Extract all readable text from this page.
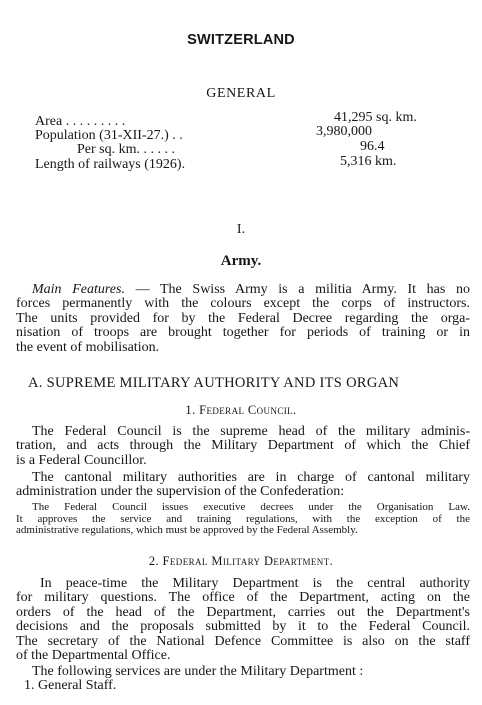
SWITZERLAND
GENERAL
Area . . . . . . . . .	41,295 sq. km.
Population (31-XII-27.) . .	3,980,000
Per sq. km. . . . . .	96.4
Length of railways (1926).	5,316 km.
I.
Army.
Main Features. — The Swiss Army is a militia Army. It has no
forces permanently with the colours except the corps of instructors.
The units provided for by the Federal Decree regarding the orga-
nisation of troops are brought together for periods of training or in
the event of mobilisation.
A. SUPREME MILITARY AUTHORITY AND ITS ORGAN
1. Federal Council.
The Federal Council is the supreme head of the military adminis-
tration, and acts through the Military Department of which the Chief
is a Federal Councillor.
The cantonal military authorities are in charge of cantonal military
administration under the supervision of the Confederation:
The Federal Council issues executive decrees under the Organisation Law.
It approves the service and training regulations, with the exception of the
administrative regulations, which must be approved by the Federal Assembly.
2. Federal Military Department.
In peace-time the Military Department is the central authority
for military questions. The office of the Department, acting on the
orders of the head of the Department, carries out the Department's
decisions and the proposals submitted by it to the Federal Council.
The secretary of the National Defence Committee is also on the staff
of the Departmental Office.
The following services are under the Military Department :
1. General Staff.
